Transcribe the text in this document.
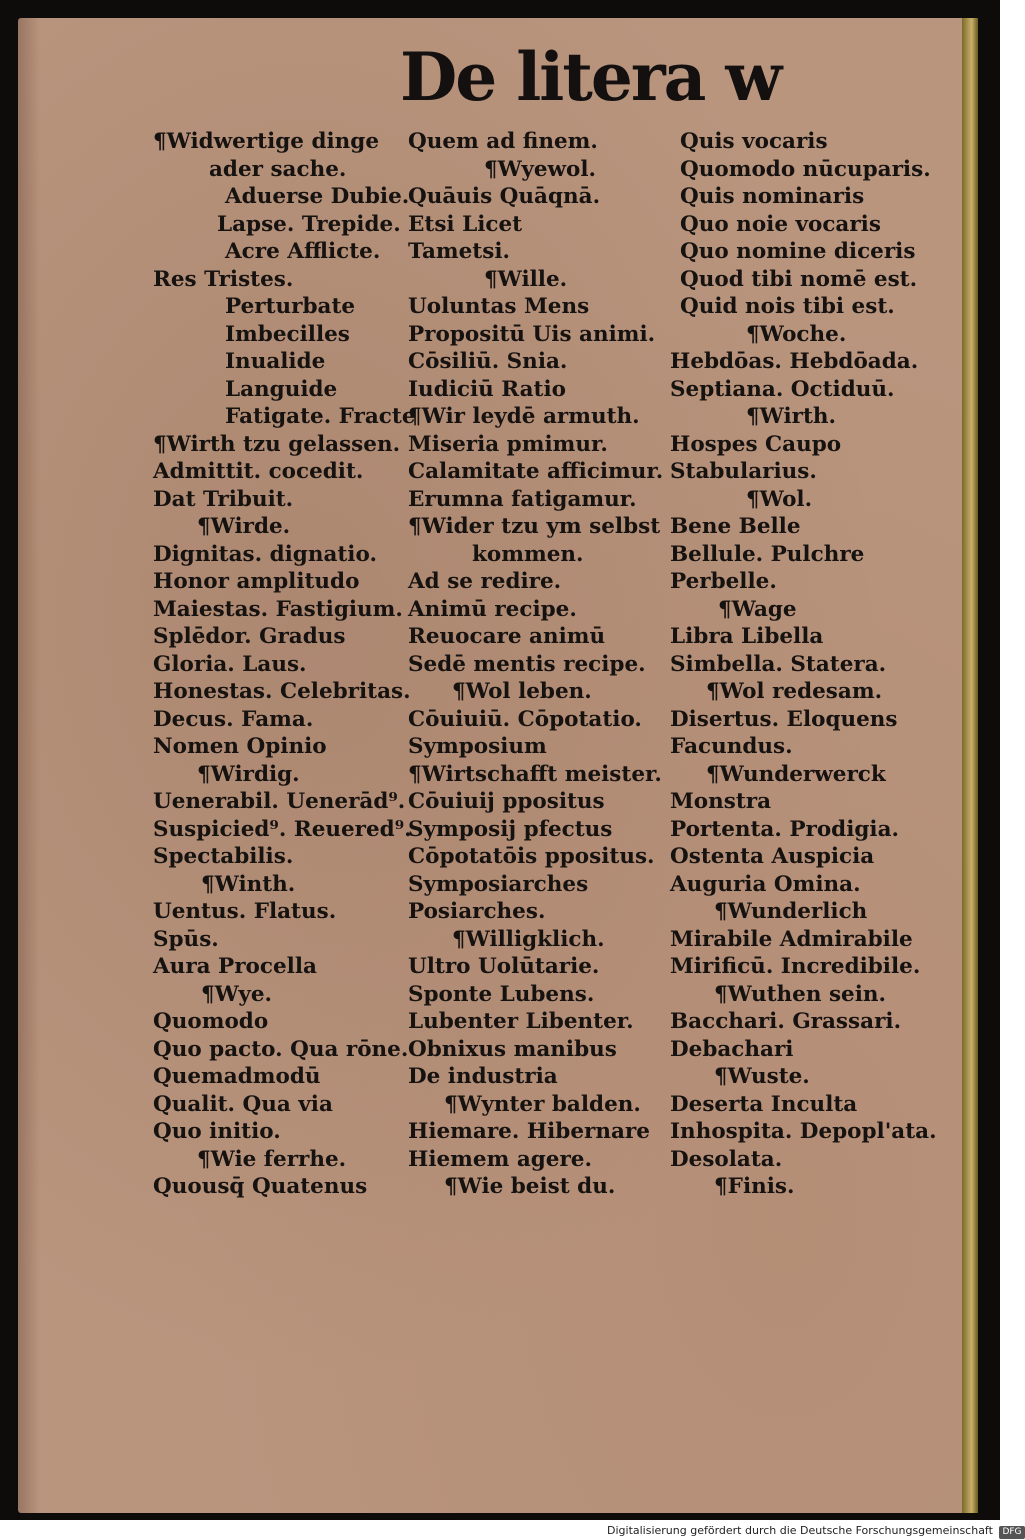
De litera w
¶Widwertige dinge
ader sache.
Aduerse Dubie.
Lapse. Trepide.
Acre Afflicte.
Res Tristes.
Perturbate
Imbecilles
Inualide
Languide
Fatigate. Fracte
¶Wirth tzu gelassen.
Admittit. cocedit.
Dat Tribuit.
¶Wirde.
Dignitas. dignatio.
Honor amplitudo
Maiestas. Fastigium.
Splēdor. Gradus
Gloria. Laus.
Honestas. Celebritas.
Decus. Fama.
Nomen Opinio
¶Wirdig.
Uenerabil. Uenerād⁹.
Suspicied⁹. Reuered⁹.
Spectabilis.
¶Winth.
Uentus. Flatus.
Spūs.
Aura Procella
¶Wye.
Quomodo
Quo pacto. Qua rōne.
Quemadmodū
Qualit. Qua via
Quo initio.
¶Wie ferrhe.
Quousq̄ Quatenus
Quem ad finem.
¶Wyewol.
Quāuis Quāqnā.
Etsi Licet
Tametsi.
¶Wille.
Uoluntas Mens
Propositū Uis animi.
Cōsiliū. Snia.
Iudiciū Ratio
¶Wir leydē armuth.
Miseria pmimur.
Calamitate afficimur.
Erumna fatigamur.
¶Wider tzu ym selbst
kommen.
Ad se redire.
Animū recipe.
Reuocare animū
Sedē mentis recipe.
¶Wol leben.
Cōuiuiū. Cōpotatio.
Symposium
¶Wirtschafft meister.
Cōuiuij ppositus
Symposij pfectus
Cōpotatōis ppositus.
Symposiarches
Posiarches.
¶Willigklich.
Ultro Uolūtarie.
Sponte Lubens.
Lubenter Libenter.
Obnixus manibus
De industria
¶Wynter balden.
Hiemare. Hibernare
Hiemem agere.
¶Wie beist du.
Quis vocaris
Quomodo nūcuparis.
Quis nominaris
Quo noie vocaris
Quo nomine diceris
Quod tibi nomē est.
Quid nois tibi est.
¶Woche.
Hebdōas. Hebdōada.
Septiana. Octiduū.
¶Wirth.
Hospes Caupo
Stabularius.
¶Wol.
Bene Belle
Bellule. Pulchre
Perbelle.
¶Wage
Libra Libella
Simbella. Statera.
¶Wol redesam.
Disertus. Eloquens
Facundus.
¶Wunderwerck
Monstra
Portenta. Prodigia.
Ostenta Auspicia
Auguria Omina.
¶Wunderlich
Mirabile Admirabile
Mirificū. Incredibile.
¶Wuthen sein.
Bacchari. Grassari.
Debachari
¶Wuste.
Deserta Inculta
Inhospita. Depopl'ata.
Desolata.
¶Finis.
Digitalisierung gefördert durch die Deutsche Forschungsgemeinschaft DFG
